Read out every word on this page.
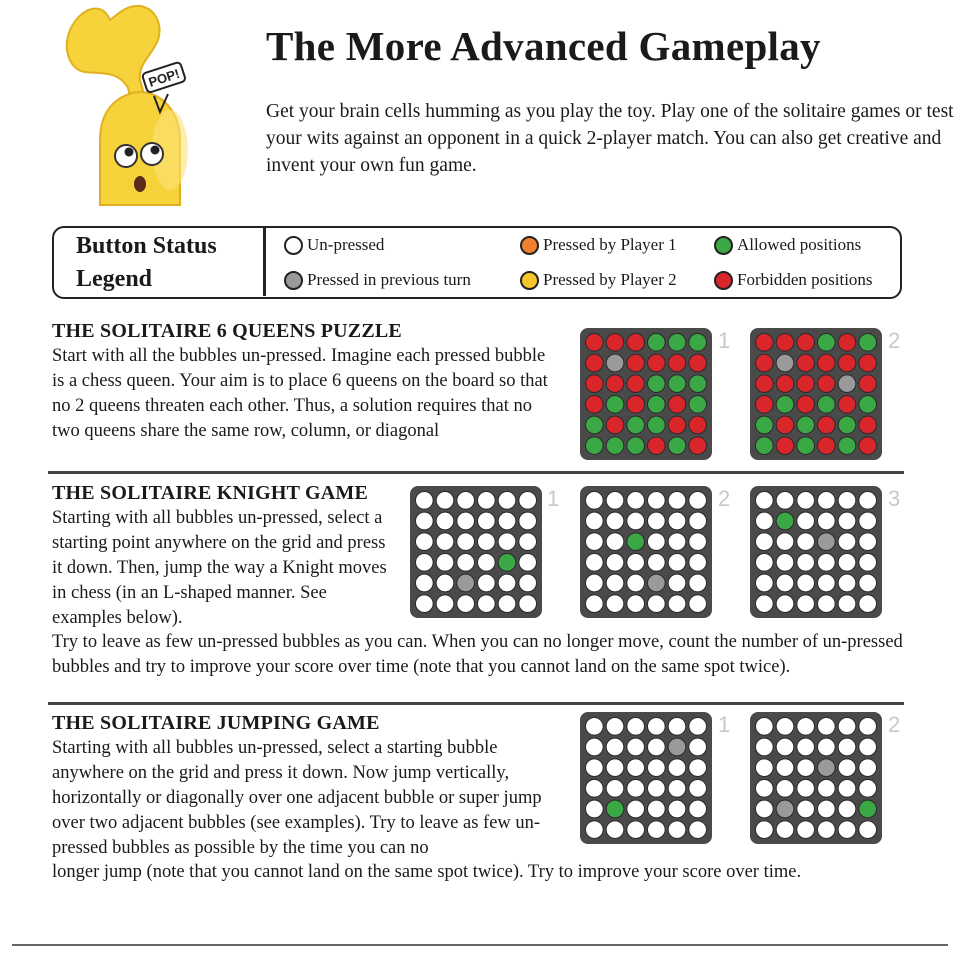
POP!
The More Advanced Gameplay
Get your brain cells humming as you play the toy. Play one of the solitaire games or test your wits against an opponent in a quick 2-player match. You can also get creative and invent your own fun game.
Button Status
Legend
Un-pressed
Pressed in previous turn
Pressed by Player 1
Pressed by Player 2
Allowed positions
Forbidden positions
THE SOLITAIRE 6 QUEENS PUZZLE
Start with all the bubbles un-pressed. Imagine each pressed bubble is a chess queen. Your aim is to place 6 queens on the board so that no 2 queens threaten each other. Thus, a solution requires that no two queens share the same row, column, or diagonal
1	2
THE SOLITAIRE KNIGHT GAME
Starting with all bubbles un-pressed, select a starting point anywhere on the grid and press it down. Then, jump the way a Knight moves in chess (in an L-shaped manner. See examples below).
1	2	3
Try to leave as few un-pressed bubbles as you can. When you can no longer move, count the number of un-pressed bubbles and try to improve your score over time (note that you cannot land on the same spot twice).
THE SOLITAIRE JUMPING GAME
Starting with all bubbles un-pressed, select a starting bubble anywhere on the grid and press it down. Now jump vertically, horizontally or diagonally over one adjacent bubble or super jump over two adjacent bubbles (see examples). Try to leave as few un-pressed bubbles as possible by the time you can no
1	2
longer jump (note that you cannot land on the same spot twice). Try to improve your score over time.
